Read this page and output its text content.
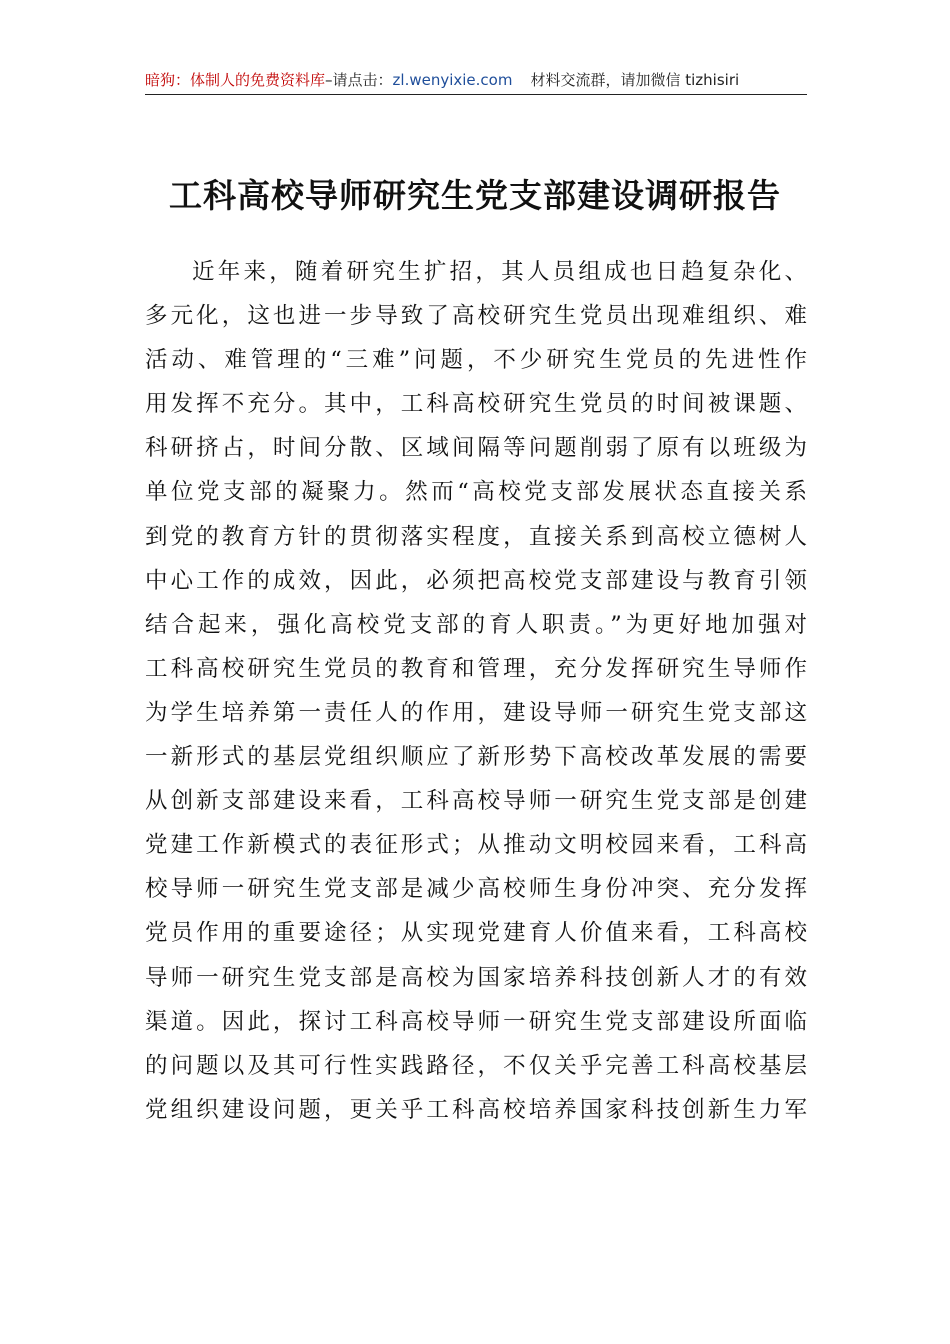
暗狗：体制人的免费资料库–请点击：zl.wenyixie.com 材料交流群，请加微信 tizhisiri
工科高校导师研究生党支部建设调研报告
近年来，随着研究生扩招，其人员组成也日趋复杂化、
多元化，这也进一步导致了高校研究生党员出现难组织、难
活动、难管理的“三难”问题，不少研究生党员的先进性作
用发挥不充分。其中，工科高校研究生党员的时间被课题、
科研挤占，时间分散、区域间隔等问题削弱了原有以班级为
单位党支部的凝聚力。然而“高校党支部发展状态直接关系
到党的教育方针的贯彻落实程度，直接关系到高校立德树人
中心工作的成效，因此，必须把高校党支部建设与教育引领
结合起来，强化高校党支部的育人职责。”为更好地加强对
工科高校研究生党员的教育和管理，充分发挥研究生导师作
为学生培养第一责任人的作用，建设导师一研究生党支部这
一新形式的基层党组织顺应了新形势下高校改革发展的需要
从创新支部建设来看，工科高校导师一研究生党支部是创建
党建工作新模式的表征形式；从推动文明校园来看，工科高
校导师一研究生党支部是减少高校师生身份冲突、充分发挥
党员作用的重要途径；从实现党建育人价值来看，工科高校
导师一研究生党支部是高校为国家培养科技创新人才的有效
渠道。因此，探讨工科高校导师一研究生党支部建设所面临
的问题以及其可行性实践路径，不仅关乎完善工科高校基层
党组织建设问题，更关乎工科高校培养国家科技创新生力军
